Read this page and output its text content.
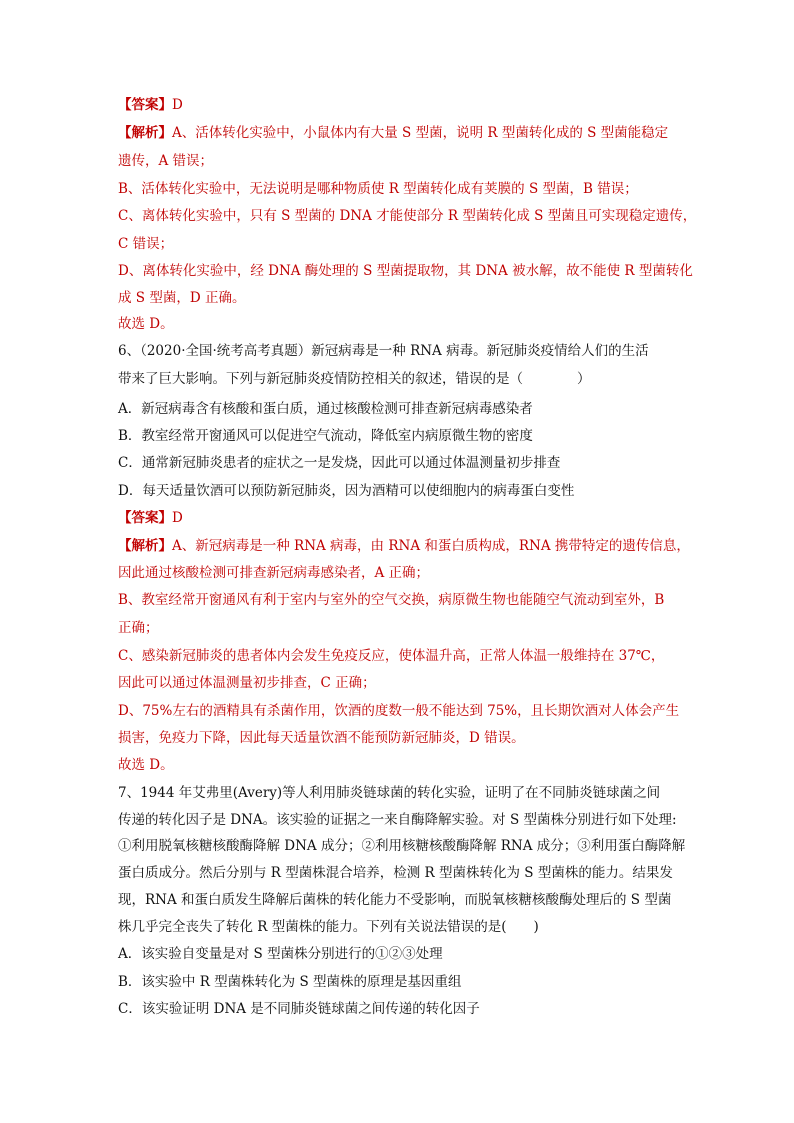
【答案】D
【解析】A、活体转化实验中，小鼠体内有大量 S 型菌，说明 R 型菌转化成的 S 型菌能稳定
遗传，A 错误；
B、活体转化实验中，无法说明是哪种物质使 R 型菌转化成有荚膜的 S 型菌，B 错误；
C、离体转化实验中，只有 S 型菌的 DNA 才能使部分 R 型菌转化成 S 型菌且可实现稳定遗传，
C 错误；
D、离体转化实验中，经 DNA 酶处理的 S 型菌提取物，其 DNA 被水解，故不能使 R 型菌转化
成 S 型菌，D 正确。
故选 D。
6、（2020·全国·统考高考真题）新冠病毒是一种 RNA 病毒。新冠肺炎疫情给人们的生活
带来了巨大影响。下列与新冠肺炎疫情防控相关的叙述，错误的是（　　　　）
A．新冠病毒含有核酸和蛋白质，通过核酸检测可排查新冠病毒感染者
B．教室经常开窗通风可以促进空气流动，降低室内病原微生物的密度
C．通常新冠肺炎患者的症状之一是发烧，因此可以通过体温测量初步排查
D．每天适量饮酒可以预防新冠肺炎，因为酒精可以使细胞内的病毒蛋白变性
【答案】D
【解析】A、新冠病毒是一种 RNA 病毒，由 RNA 和蛋白质构成，RNA 携带特定的遗传信息，
因此通过核酸检测可排查新冠病毒感染者，A 正确；
B、教室经常开窗通风有利于室内与室外的空气交换，病原微生物也能随空气流动到室外，B
正确；
C、感染新冠肺炎的患者体内会发生免疫反应，使体温升高，正常人体温一般维持在 37℃，
因此可以通过体温测量初步排查，C 正确；
D、75%左右的酒精具有杀菌作用，饮酒的度数一般不能达到 75%，且长期饮酒对人体会产生
损害，免疫力下降，因此每天适量饮酒不能预防新冠肺炎，D 错误。
故选 D。
7、1944 年艾弗里(Avery)等人利用肺炎链球菌的转化实验，证明了在不同肺炎链球菌之间
传递的转化因子是 DNA。该实验的证据之一来自酶降解实验。对 S 型菌株分别进行如下处理:
①利用脱氧核糖核酸酶降解 DNA 成分；②利用核糖核酸酶降解 RNA 成分；③利用蛋白酶降解
蛋白质成分。然后分别与 R 型菌株混合培养，检测 R 型菌株转化为 S 型菌株的能力。结果发
现，RNA 和蛋白质发生降解后菌株的转化能力不受影响，而脱氧核糖核酸酶处理后的 S 型菌
株几乎完全丧失了转化 R 型菌株的能力。下列有关说法错误的是(　　)
A．该实验自变量是对 S 型菌株分别进行的①②③处理
B．该实验中 R 型菌株转化为 S 型菌株的原理是基因重组
C．该实验证明 DNA 是不同肺炎链球菌之间传递的转化因子
